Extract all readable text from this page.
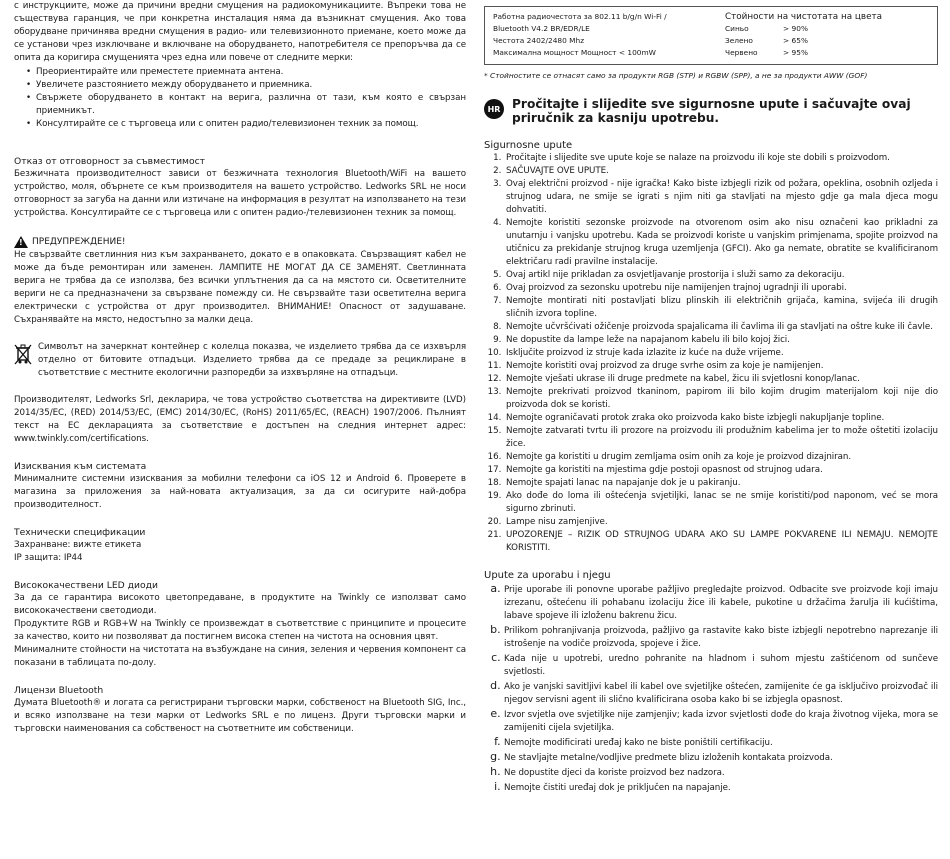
с инструкциите, може да причини вредни смущения на радиокомуникациите. Въпреки това не съществува гаранция, че при конкретна инсталация няма да възникнат смущения. Ако това оборудване причинява вредни смущения в радио- или телевизионното приемане, което може да се установи чрез изключване и включване на оборудването, напотребителя се препоръчва да се опита да коригира смущенията чрез една или повече от следните мерки:

• Преориентирайте или преместете приемната антена.
• Увеличете разстоянието между оборудването и приемника.
• Свържете оборудването в контакт на верига, различна от тази, към която е свързан приемникът.
• Консултирайте се с търговеца или с опитен радио/телевизионен техник за помощ.
Отказ от отговорност за съвместимост

Безжичната производителност зависи от безжичната технология Bluetooth/WiFi на вашето устройство, моля, обърнете се към производителя на вашето устройство. Ledworks SRL не носи отговорност за загуба на данни или изтичане на информация в резултат на използването на тези устройства. Консултирайте се с търговеца или с опитен радио-/телевизионен техник за помощ.

!
ПРЕДУПРЕЖДЕНИЕ!

Не свързвайте светлинния низ към захранването, докато е в опаковката. Свързващият кабел не може да бъде ремонтиран или заменен. ЛАМПИТЕ НЕ МОГАТ ДА СЕ ЗАМЕНЯТ. Светлинната верига не трябва да се използва, без всички уплътнения да са на мястото си. Осветителните вериги не са предназначени за свързване помежду си. Не свързвайте тази осветителна верига електрически с устройства от друг производител. ВНИМАНИЕ! Опасност от задушаване. Съхранявайте на място, недостъпно за малки деца.

Символът на зачеркнат контейнер с колелца показва, че изделието трябва да се изхвърля отделно от битовите отпадъци. Изделието трябва да се предаде за рециклиране в съответствие с местните екологични разпоредби за изхвърляне на отпадъци.

Производителят, Ledworks Srl, декларира, че това устройство съответства на директивите (LVD) 2014/35/EC, (RED) 2014/53/EC, (EMC) 2014/30/EC, (RoHS) 2011/65/EC, (REACH) 1907/2006. Пълният текст на ЕС декларацията за съответствие е достъпен на следния интернет адрес: www.twinkly.com/certifications.

Изисквания към системата

Минималните системни изисквания за мобилни телефони са iOS 12 и Android 6. Проверете в магазина за приложения за най-новата актуализация, за да си осигурите най-добра производителност.

Технически спецификации

Захранване: вижте етикета

IP защита: IP44

Висококачествени LED диоди

За да се гарантира високото цветопредаване, в продуктите на Twinkly се използват само висококачествени светодиоди.

Продуктите RGB и RGB+W на Twinkly се произвеждат в съответствие с принципите и процесите за качество, които ни позволяват да постигнем висока степен на чистота на основния цвят.

Минималните стойности на чистотата на възбуждане на синия, зеления и червения компонент са показани в таблицата по-долу.

Лицензи Bluetooth

Думата Bluetooth® и логата са регистрирани търговски марки, собственост на Bluetooth SIG, Inc., и всяко използване на тези марки от Ledworks SRL е по лиценз. Други търговски марки и търговски наименования са собственост на съответните им собственици.

Работна радиочестота за 802.11 b/g/n Wi-Fi /
Bluetooth V4.2 BR/EDR/LE
Честота 2402/2480 Mhz
Максимална мощност Мощност < 100mW
Стойности на чистотата на цвета
Синьо	> 90%
Зелено	> 65%
Червено	> 95%

* Стойностите се отнасят само за продукти RGB (STP) и RGBW (SPP), а не за продукти AWW (GOF)

HR Pročitajte i slijedite sve sigurnosne upute i sačuvajte ovaj priručnik za kasniju upotrebu.
Sigurnosne upute
1. Pročitajte i slijedite sve upute koje se nalaze na proizvodu ili koje ste dobili s proizvodom.
2. SAČUVAJTE OVE UPUTE.
3. Ovaj električni proizvod - nije igračka! Kako biste izbjegli rizik od požara, opeklina, osobnih ozljeda i strujnog udara, ne smije se igrati s njim niti ga stavljati na mjesto gdje ga mala djeca mogu dohvatiti.
4. Nemojte koristiti sezonske proizvode na otvorenom osim ako nisu označeni kao prikladni za unutarnju i vanjsku upotrebu. Kada se proizvodi koriste u vanjskim primjenama, spojite proizvod na utičnicu za prekidanje strujnog kruga uzemljenja (GFCI). Ako ga nemate, obratite se kvalificiranom električaru radi pravilne instalacije.
5. Ovaj artikl nije prikladan za osvjetljavanje prostorija i služi samo za dekoraciju.
6. Ovaj proizvod za sezonsku upotrebu nije namijenjen trajnoj ugradnji ili uporabi.
7. Nemojte montirati niti postavljati blizu plinskih ili električnih grijača, kamina, svijeća ili drugih sličnih izvora topline.
8. Nemojte učvršćivati ožičenje proizvoda spajalicama ili čavlima ili ga stavljati na oštre kuke ili čavle.
9. Ne dopustite da lampe leže na napajanom kabelu ili bilo kojoj žici.
10. Isključite proizvod iz struje kada izlazite iz kuće na duže vrijeme.
11. Nemojte koristiti ovaj proizvod za druge svrhe osim za koje je namijenjen.
12. Nemojte vješati ukrase ili druge predmete na kabel, žicu ili svjetlosni konop/lanac.
13. Nemojte prekrivati proizvod tkaninom, papirom ili bilo kojim drugim materijalom koji nije dio proizvoda dok se koristi.
14. Nemojte ograničavati protok zraka oko proizvoda kako biste izbjegli nakupljanje topline.
15. Nemojte zatvarati tvrtu ili prozore na proizvodu ili produžnim kabelima jer to može oštetiti izolaciju žice.
16. Nemojte ga koristiti u drugim zemljama osim onih za koje je proizvod dizajniran.
17. Nemojte ga koristiti na mjestima gdje postoji opasnost od strujnog udara.
18. Nemojte spajati lanac na napajanje dok je u pakiranju.
19. Ako dođe do loma ili oštećenja svjetiljki, lanac se ne smije koristiti/pod naponom, već se mora sigurno zbrinuti.
20. Lampe nisu zamjenjive.
21. UPOZORENJE – RIZIK OD STRUJNOG UDARA AKO SU LAMPE POKVARENE ILI NEMAJU. NEMOJTE KORISTITI.
Upute za uporabu i njegu
a. Prije uporabe ili ponovne uporabe pažljivo pregledajte proizvod. Odbacite sve proizvode koji imaju izrezanu, oštećenu ili pohabanu izolaciju žice ili kabele, pukotine u držačima žarulja ili kućištima, labave spojeve ili izloženu bakrenu žicu.
b. Prilikom pohranjivanja proizvoda, pažljivo ga rastavite kako biste izbjegli nepotrebno naprezanje ili istrošenje na vodiče proizvoda, spojeve i žice.
c. Kada nije u upotrebi, uredno pohranite na hladnom i suhom mjestu zaštićenom od sunčeve svjetlosti.
d. Ako je vanjski savitljivi kabel ili kabel ove svjetiljke oštećen, zamijenite će ga isključivo proizvođač ili njegov servisni agent ili slično kvalificirana osoba kako bi se izbjegla opasnost.
e. Izvor svjetla ove svjetiljke nije zamjenjiv; kada izvor svjetlosti dođe do kraja životnog vijeka, mora se zamijeniti cijela svjetiljka.
f. Nemojte modificirati uređaj kako ne biste poništili certifikaciju.
g. Ne stavljajte metalne/vodljive predmete blizu izloženih kontakata proizvoda.
h. Ne dopustite djeci da koriste proizvod bez nadzora.
i. Nemojte čistiti uređaj dok je priključen na napajanje.
